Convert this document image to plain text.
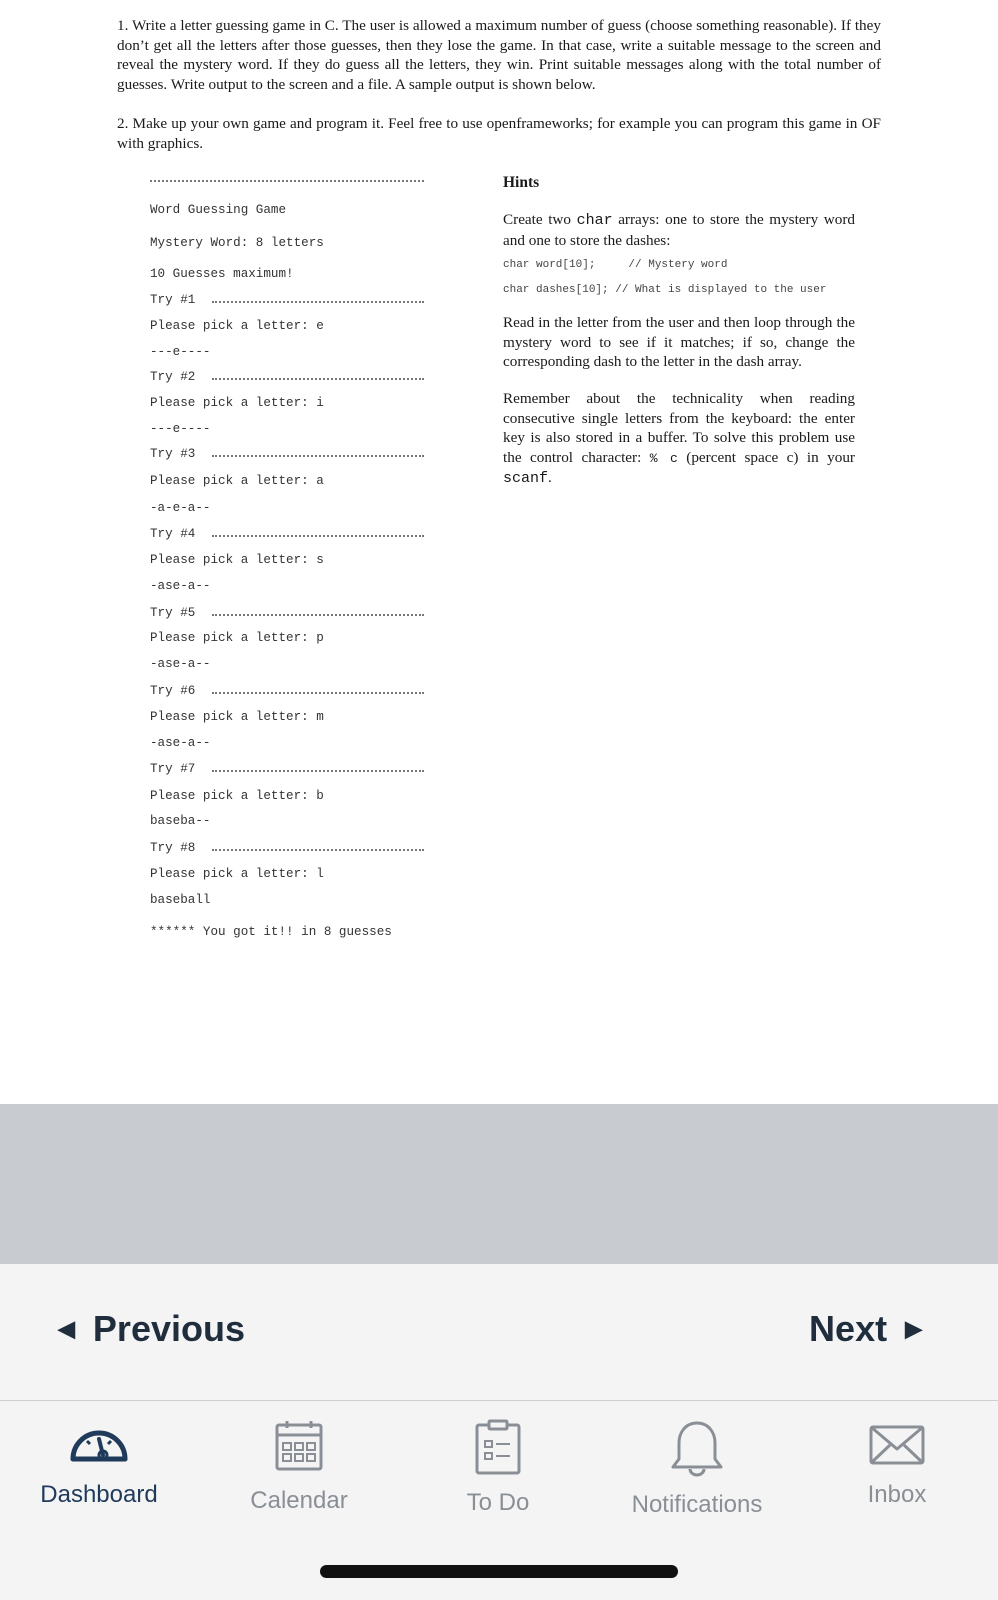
1. Write a letter guessing game in C. The user is allowed a maximum number of guess (choose something reasonable). If they don’t get all the letters after those guesses, then they lose the game. In that case, write a suitable message to the screen and reveal the mystery word. If they do guess all the letters, they win. Print suitable messages along with the total number of guesses. Write output to the screen and a file. A sample output is shown below.

2. Make up your own game and program it. Feel free to use openframeworks; for example you can program this game in OF with graphics.

Word Guessing Game
Mystery Word: 8 letters
10 Guesses maximum!
Try #1
Please pick a letter: e
---e----
Try #2
Please pick a letter: i
---e----
Try #3
Please pick a letter: a
-a-e-a--
Try #4
Please pick a letter: s
-ase-a--
Try #5
Please pick a letter: p
-ase-a--
Try #6
Please pick a letter: m
-ase-a--
Try #7
Please pick a letter: b
baseba--
Try #8
Please pick a letter: l
baseball
****** You got it!! in 8 guesses
Hints

Create two char arrays: one to store the mystery word and one to store the dashes:

char word[10];     // Mystery word
char dashes[10]; // What is displayed to the user

Read in the letter from the user and then loop through the mystery word to see if it matches; if so, change the corresponding dash to the letter in the dash array.

Remember about the technicality when reading consecutive single letters from the keyboard: the enter key is also stored in a buffer. To solve this problem use the control character: % c (percent space c) in your scanf.

◀ Previous	Next ▶
Dashboard	Calendar	To Do	Notifications	Inbox
